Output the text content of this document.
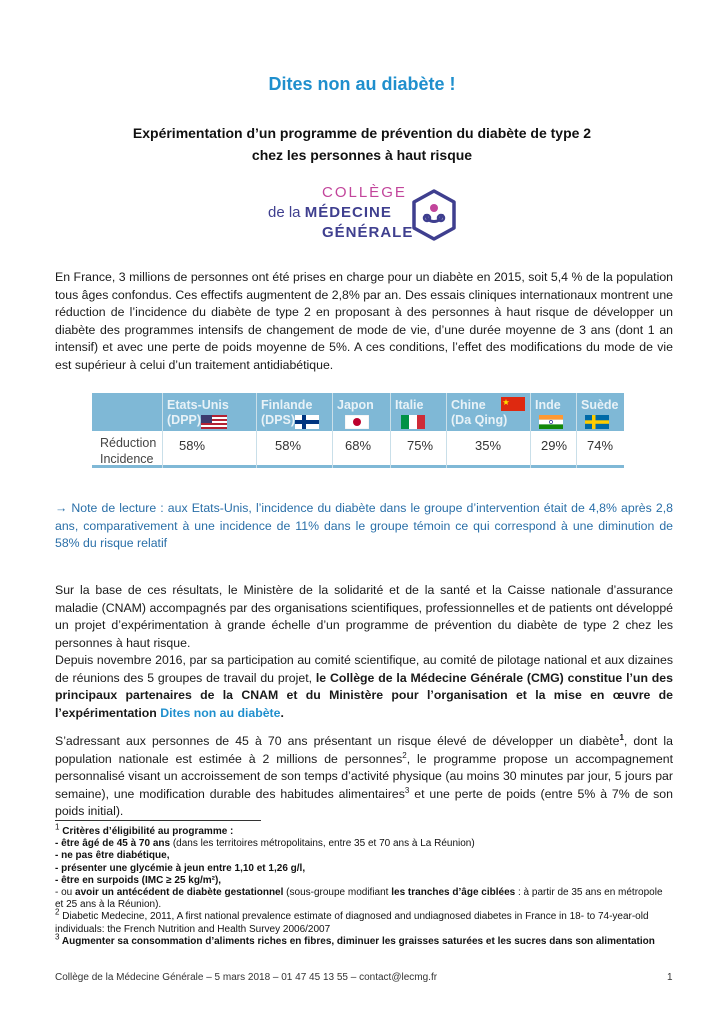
Dites non au diabète !
Expérimentation d’un programme de prévention du diabète de type 2
chez les personnes à haut risque
COLLÈGE
de la MÉDECINE
GÉNÉRALE
En France, 3 millions de personnes ont été prises en charge pour un diabète en 2015, soit 5,4 % de la population tous âges confondus. Ces effectifs augmentent de 2,8% par an. Des essais cliniques internationaux montrent une réduction de l’incidence du diabète de type 2 en proposant à des personnes à haut risque de développer un diabète des programmes intensifs de changement de mode de vie, d’une durée moyenne de 3 ans (dont 1 an intensif) et avec une perte de poids moyenne de 5%. A ces conditions, l’effet des modifications du mode de vie est supérieur à celui d’un traitement antidiabétique.
Réduction
Incidence
Etats-Unis
(DPP)
58%
Finlande
(DPS)
58%
Japon
68%
Italie
75%
Chine
(Da Qing)
35%
Inde
29%
Suède
74%
→ Note de lecture : aux Etats-Unis, l’incidence du diabète dans le groupe d’intervention était de 4,8% après 2,8 ans, comparativement à une incidence de 11% dans le groupe témoin ce qui correspond à une diminution de 58% du risque relatif
Sur la base de ces résultats, le Ministère de la solidarité et de la santé et la Caisse nationale d’assurance maladie (CNAM) accompagnés par des organisations scientifiques, professionnelles et de patients ont développé un projet d’expérimentation à grande échelle d’un programme de prévention du diabète de type 2 chez les personnes à haut risque.
Depuis novembre 2016, par sa participation au comité scientifique, au comité de pilotage national et aux dizaines de réunions des 5 groupes de travail du projet, le Collège de la Médecine Générale (CMG) constitue l’un des principaux partenaires de la CNAM et du Ministère pour l’organisation et la mise en œuvre de l’expérimentation Dites non au diabète.
S’adressant aux personnes de 45 à 70 ans présentant un risque élevé de développer un diabète$^1$, dont la population nationale est estimée à 2 millions de personnes$^2$, le programme propose un accompagnement personnalisé visant un accroissement de son temps d’activité physique (au moins 30 minutes par jour, 5 jours par semaine), une modification durable des habitudes alimentaires$^3$ et une perte de poids (entre 5% à 7% de son poids initial).
$^1$ Critères d’éligibilité au programme :
- être âgé de 45 à 70 ans (dans les territoires métropolitains, entre 35 et 70 ans à La Réunion)
- ne pas être diabétique,
- présenter une glycémie à jeun entre 1,10 et 1,26 g/l,
- être en surpoids (IMC ≥ 25 kg/m²),
- ou avoir un antécédent de diabète gestationnel (sous-groupe modifiant les tranches d’âge ciblées : à partir de 35 ans en métropole et 25 ans à la Réunion).
$^2$ Diabetic Medecine, 2011, A first national prevalence estimate of diagnosed and undiagnosed diabetes in France in 18- to 74-year-old individuals: the French Nutrition and Health Survey 2006/2007
$^3$ Augmenter sa consommation d’aliments riches en fibres, diminuer les graisses saturées et les sucres dans son alimentation
Collège de la Médecine Générale – 5 mars 2018 – 01 47 45 13 55 – contact@lecmg.fr	1
